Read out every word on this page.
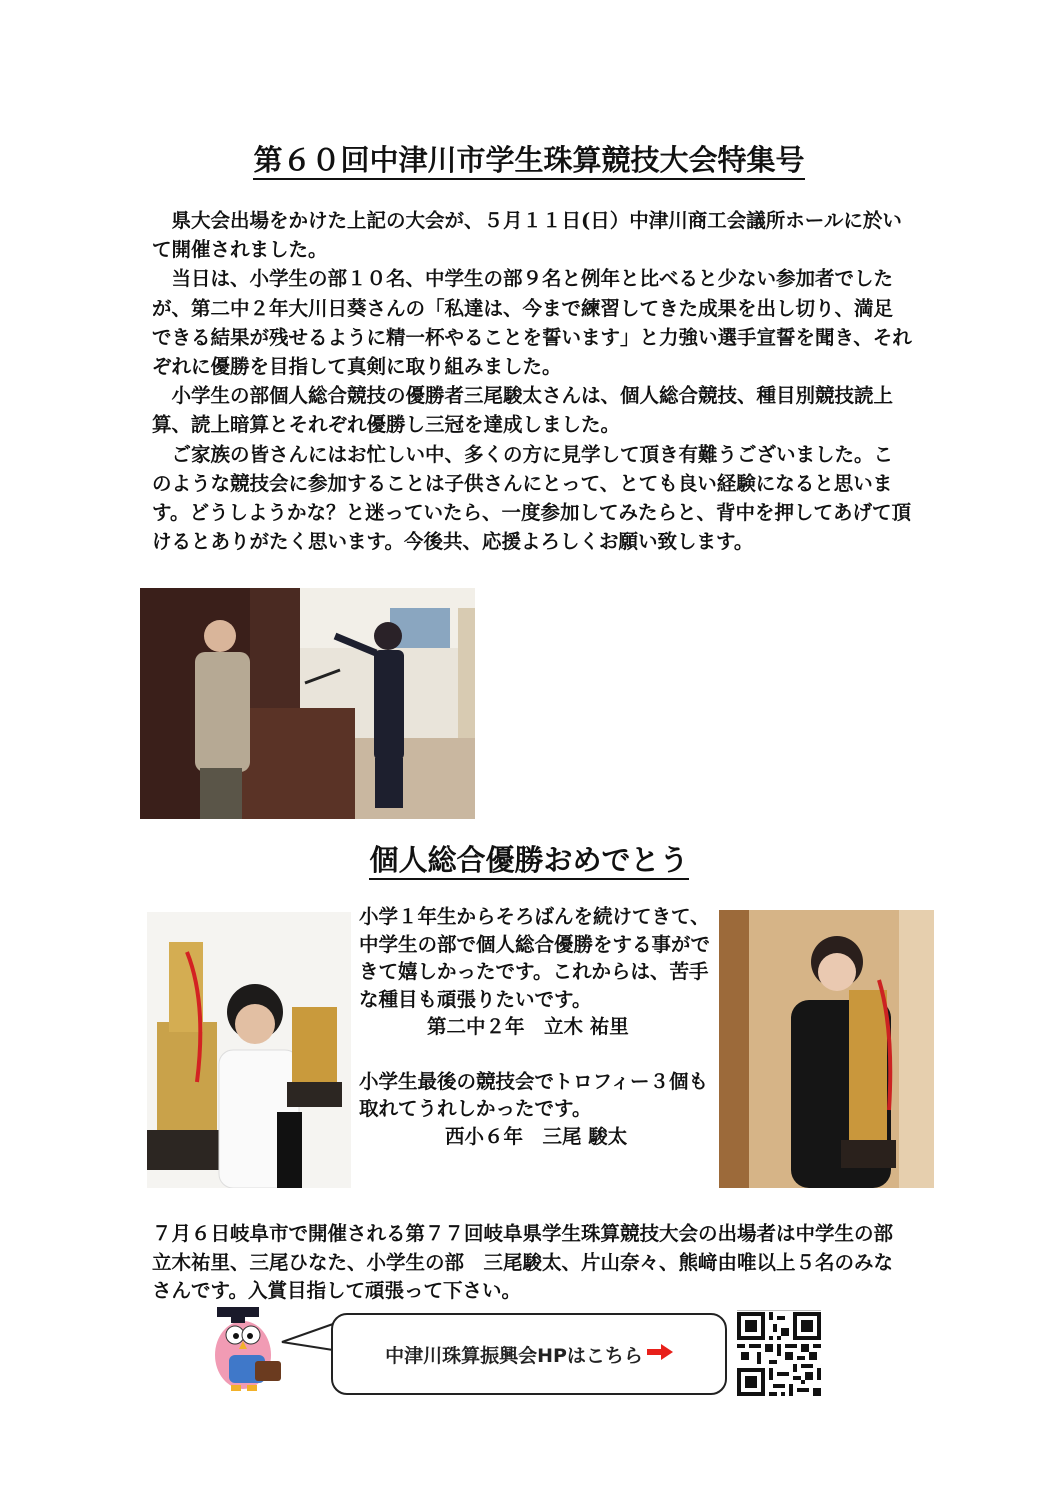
第６０回中津川市学生珠算競技大会特集号

県大会出場をかけた上記の大会が、５月１１日(日）中津川商工会議所ホールに於いて開催されました。

当日は、小学生の部１０名、中学生の部９名と例年と比べると少ない参加者でしたが、第二中２年大川日葵さんの「私達は、今まで練習してきた成果を出し切り、満足できる結果が残せるように精一杯やることを誓います」と力強い選手宣誓を聞き、それぞれに優勝を目指して真剣に取り組みました。

小学生の部個人総合競技の優勝者三尾駿太さんは、個人総合競技、種目別競技読上算、読上暗算とそれぞれ優勝し三冠を達成しました。

ご家族の皆さんにはお忙しい中、多くの方に見学して頂き有難うございました。このような競技会に参加することは子供さんにとって、とても良い経験になると思います。どうしようかな？と迷っていたら、一度参加してみたらと、背中を押してあげて頂けるとありがたく思います。今後共、応援よろしくお願い致します。

個人総合優勝おめでとう

小学１年生からそろばんを続けてきて、中学生の部で個人総合優勝をする事ができて嬉しかったです。これからは、苦手な種目も頑張りたいです。

第二中２年　立木 祐里

小学生最後の競技会でトロフィー３個も取れてうれしかったです。

西小６年　三尾 駿太

７月６日岐阜市で開催される第７７回岐阜県学生珠算競技大会の出場者は中学生の部　立木祐里、三尾ひなた、小学生の部　三尾駿太、片山奈々、熊﨑由唯以上５名のみなさんです。入賞目指して頑張って下さい。

中津川珠算振興会HPはこちら
